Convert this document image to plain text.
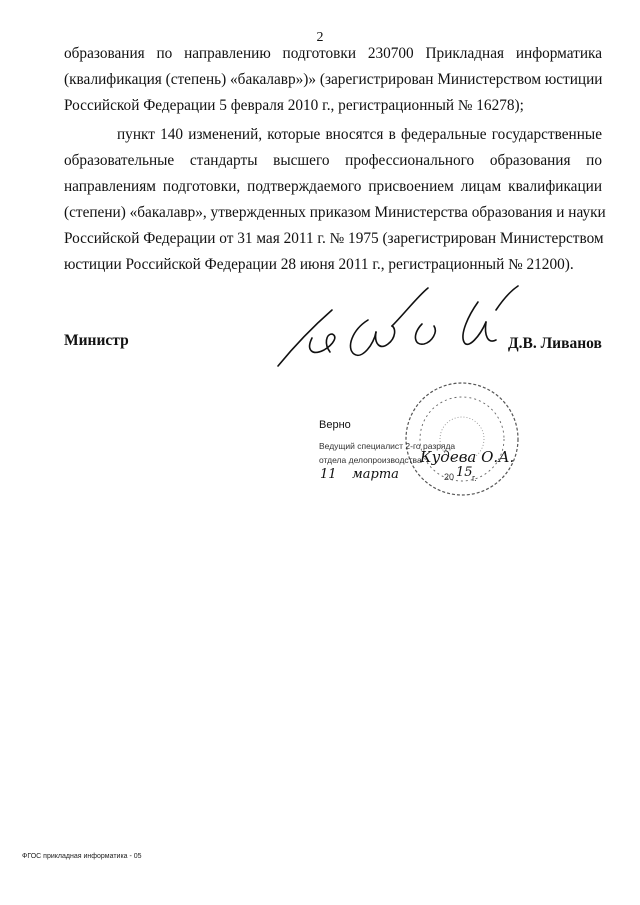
2
образования по направлению подготовки 230700 Прикладная информатика
(квалификация (степень) «бакалавр»)» (зарегистрирован Министерством юстиции
Российской Федерации 5 февраля 2010 г., регистрационный № 16278);
пункт 140 изменений, которые вносятся в федеральные государственные
образовательные стандарты высшего профессионального образования по
направлениям подготовки, подтверждаемого присвоением лицам квалификации
(степени) «бакалавр», утвержденных приказом Министерства образования и науки
Российской Федерации от 31 мая 2011 г. № 1975 (зарегистрирован Министерством
юстиции Российской Федерации 28 июня 2011 г., регистрационный № 21200).
Министр	Д.В. Ливанов
Верно
Ведущий специалист 2-го разряда
отдела делопроизводства
Кудева О.А.
11 марта	20 15 г.
ФГОС прикладная информатика - 05
